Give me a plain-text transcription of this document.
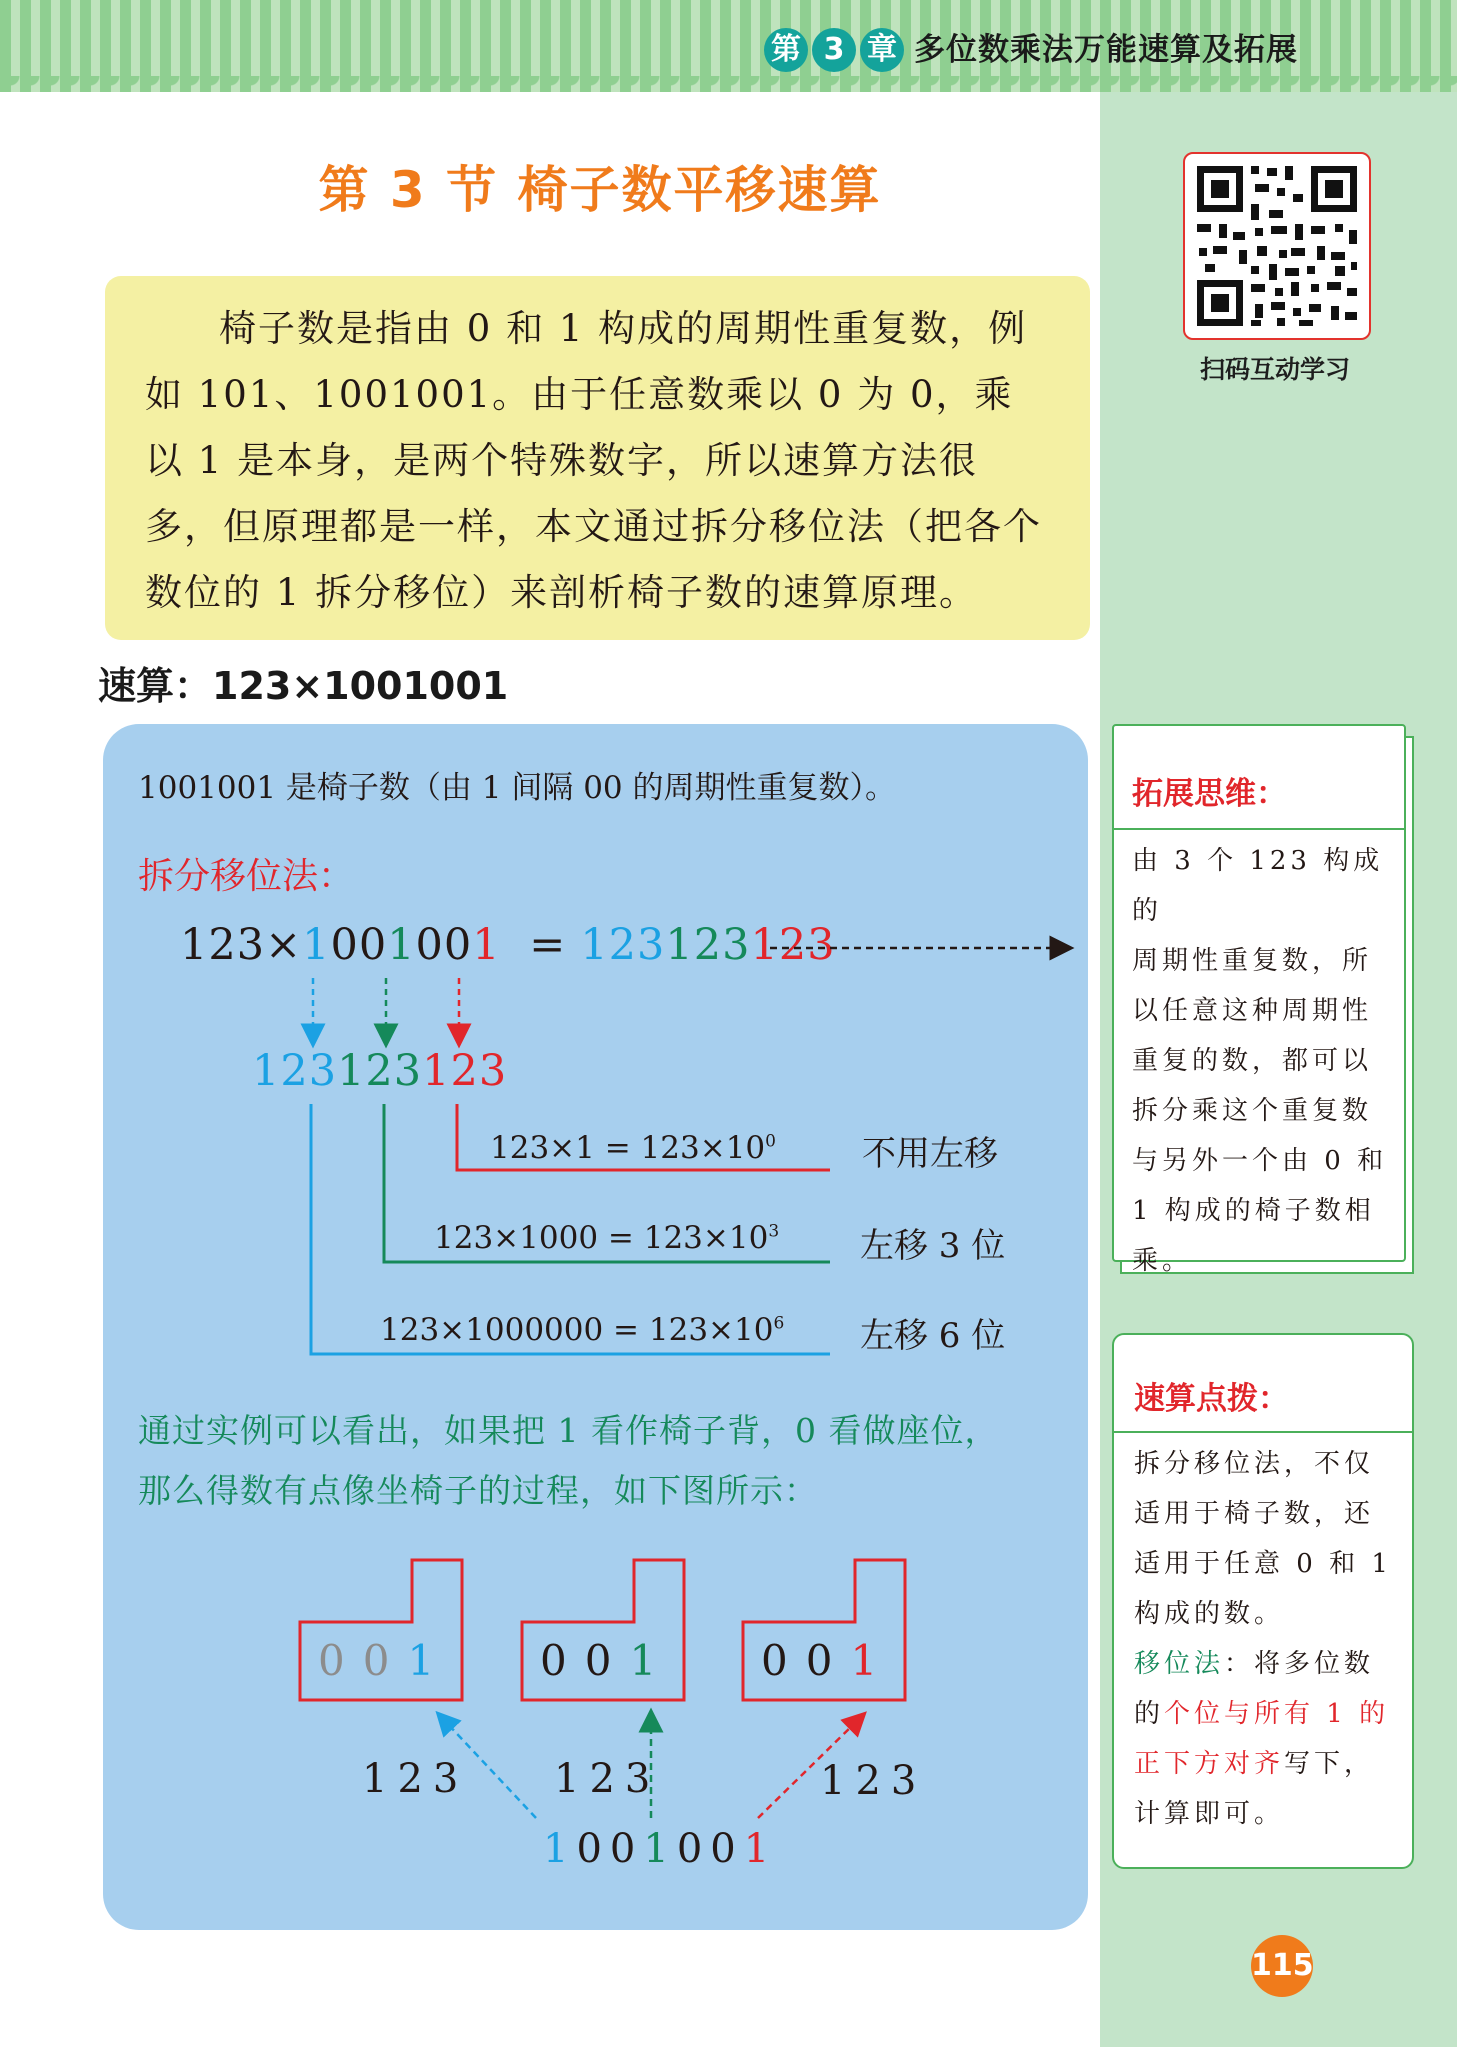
第 3 章 多位数乘法万能速算及拓展
扫码互动学习
第 3 节 椅子数平移速算
椅子数是指由 0 和 1 构成的周期性重复数，例如 101、1001001。由于任意数乘以 0 为 0，乘以 1 是本身，是两个特殊数字，所以速算方法很多，但原理都是一样，本文通过拆分移位法（把各个数位的 1 拆分移位）来剖析椅子数的速算原理。
速算：123×1001001
1001001 是椅子数（由 1 间隔 00 的周期性重复数）。
拆分移位法：
123×1001001 = 123123123
123123123
$123\times 1 = 123\times 10^0$	不用左移
$123\times 1000 = 123\times 10^3$ 左移 3 位
$123\times 1000000 = 123\times 10^6$ 左移 6 位
通过实例可以看出，如果把 1 看作椅子背，0 看做座位，
那么得数有点像坐椅子的过程，如下图所示：
001 001 001
123 123	123
1001001
拓展思维：
由 3 个 123 构成的
周期性重复数，所
以任意这种周期性
重复的数，都可以
拆分乘这个重复数
与另外一个由 0 和
1 构成的椅子数相
乘。
速算点拨：
拆分移位法，不仅
适用于椅子数，还
适用于任意 0 和 1
构成的数。
移位法：将多位数
的个位与所有 1 的
正下方对齐写下，
计算即可。
115
